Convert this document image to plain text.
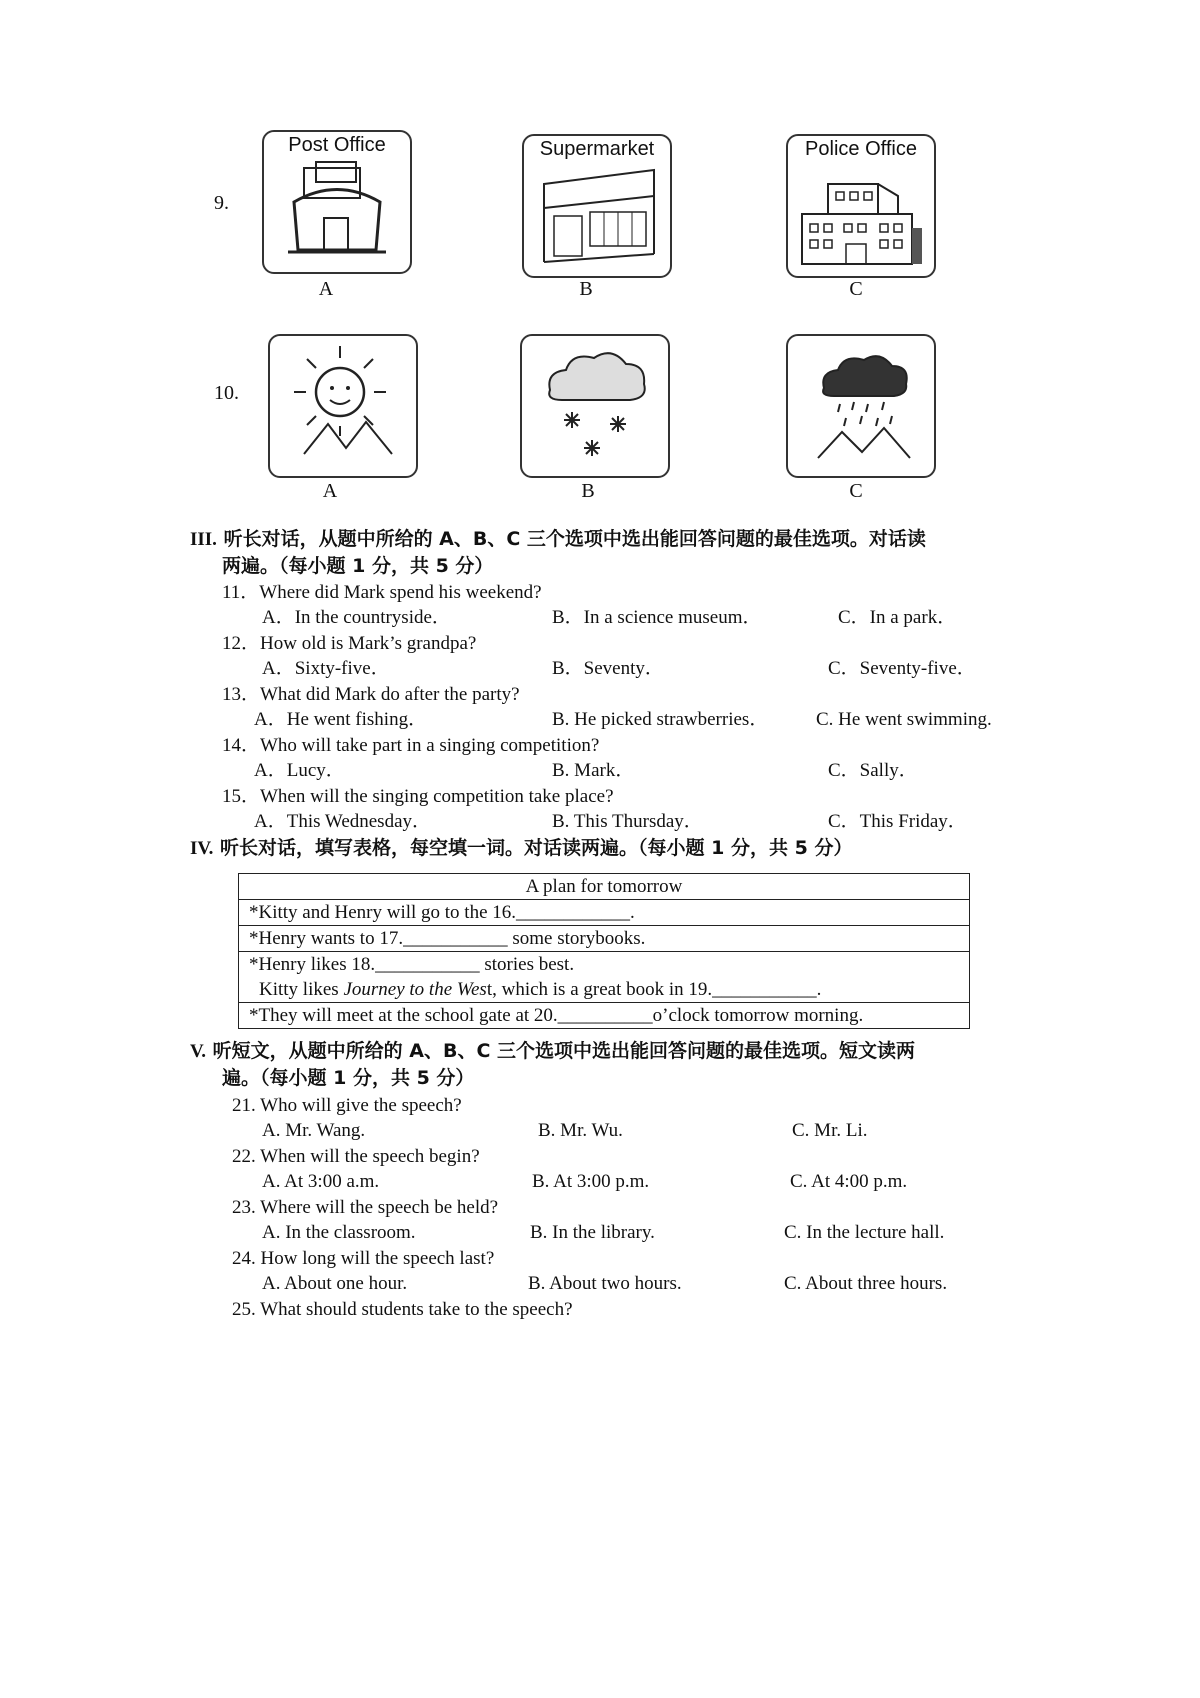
9.
Post Office
A
Supermarket
B
Police Office
C
10.
A	B	C
III. 听长对话，从题中所给的 A、B、C 三个选项中选出能回答问题的最佳选项。对话读
两遍。（每小题 1 分，共 5 分）
11．Where did Mark spend his weekend?
A．In the countryside．	B．In a science museum．	C．In a park．
12．How old is Mark’s grandpa?
A．Sixty-five．	B．Seventy．	C．Seventy-five．
13．What did Mark do after the party?
A．He went fishing．	B. He picked strawberries．	C. He went swimming.
14．Who will take part in a singing competition?
A．Lucy．	B. Mark．	C．Sally．
15．When will the singing competition take place?
A．This Wednesday．	B. This Thursday．	C．This Friday．
IV. 听长对话，填写表格，每空填一词。对话读两遍。（每小题 1 分，共 5 分）
A plan for tomorrow
*Kitty and Henry will go to the 16.____________.
*Henry wants to 17.___________ some storybooks.

*Henry likes 18.___________ stories best.
Kitty likes Journey to the West, which is a great book in 19.___________.

*They will meet at the school gate at 20.__________o’clock tomorrow morning.
V. 听短文，从题中所给的 A、B、C 三个选项中选出能回答问题的最佳选项。短文读两
遍。（每小题 1 分，共 5 分）
21. Who will give the speech?
A. Mr. Wang.	B. Mr. Wu.	C. Mr. Li.
22. When will the speech begin?
A. At 3:00 a.m.	B. At 3:00 p.m.	C. At 4:00 p.m.
23. Where will the speech be held?
A. In the classroom.	B. In the library.	C. In the lecture hall.
24. How long will the speech last?
A. About one hour.	B. About two hours.	C. About three hours.
25. What should students take to the speech?
